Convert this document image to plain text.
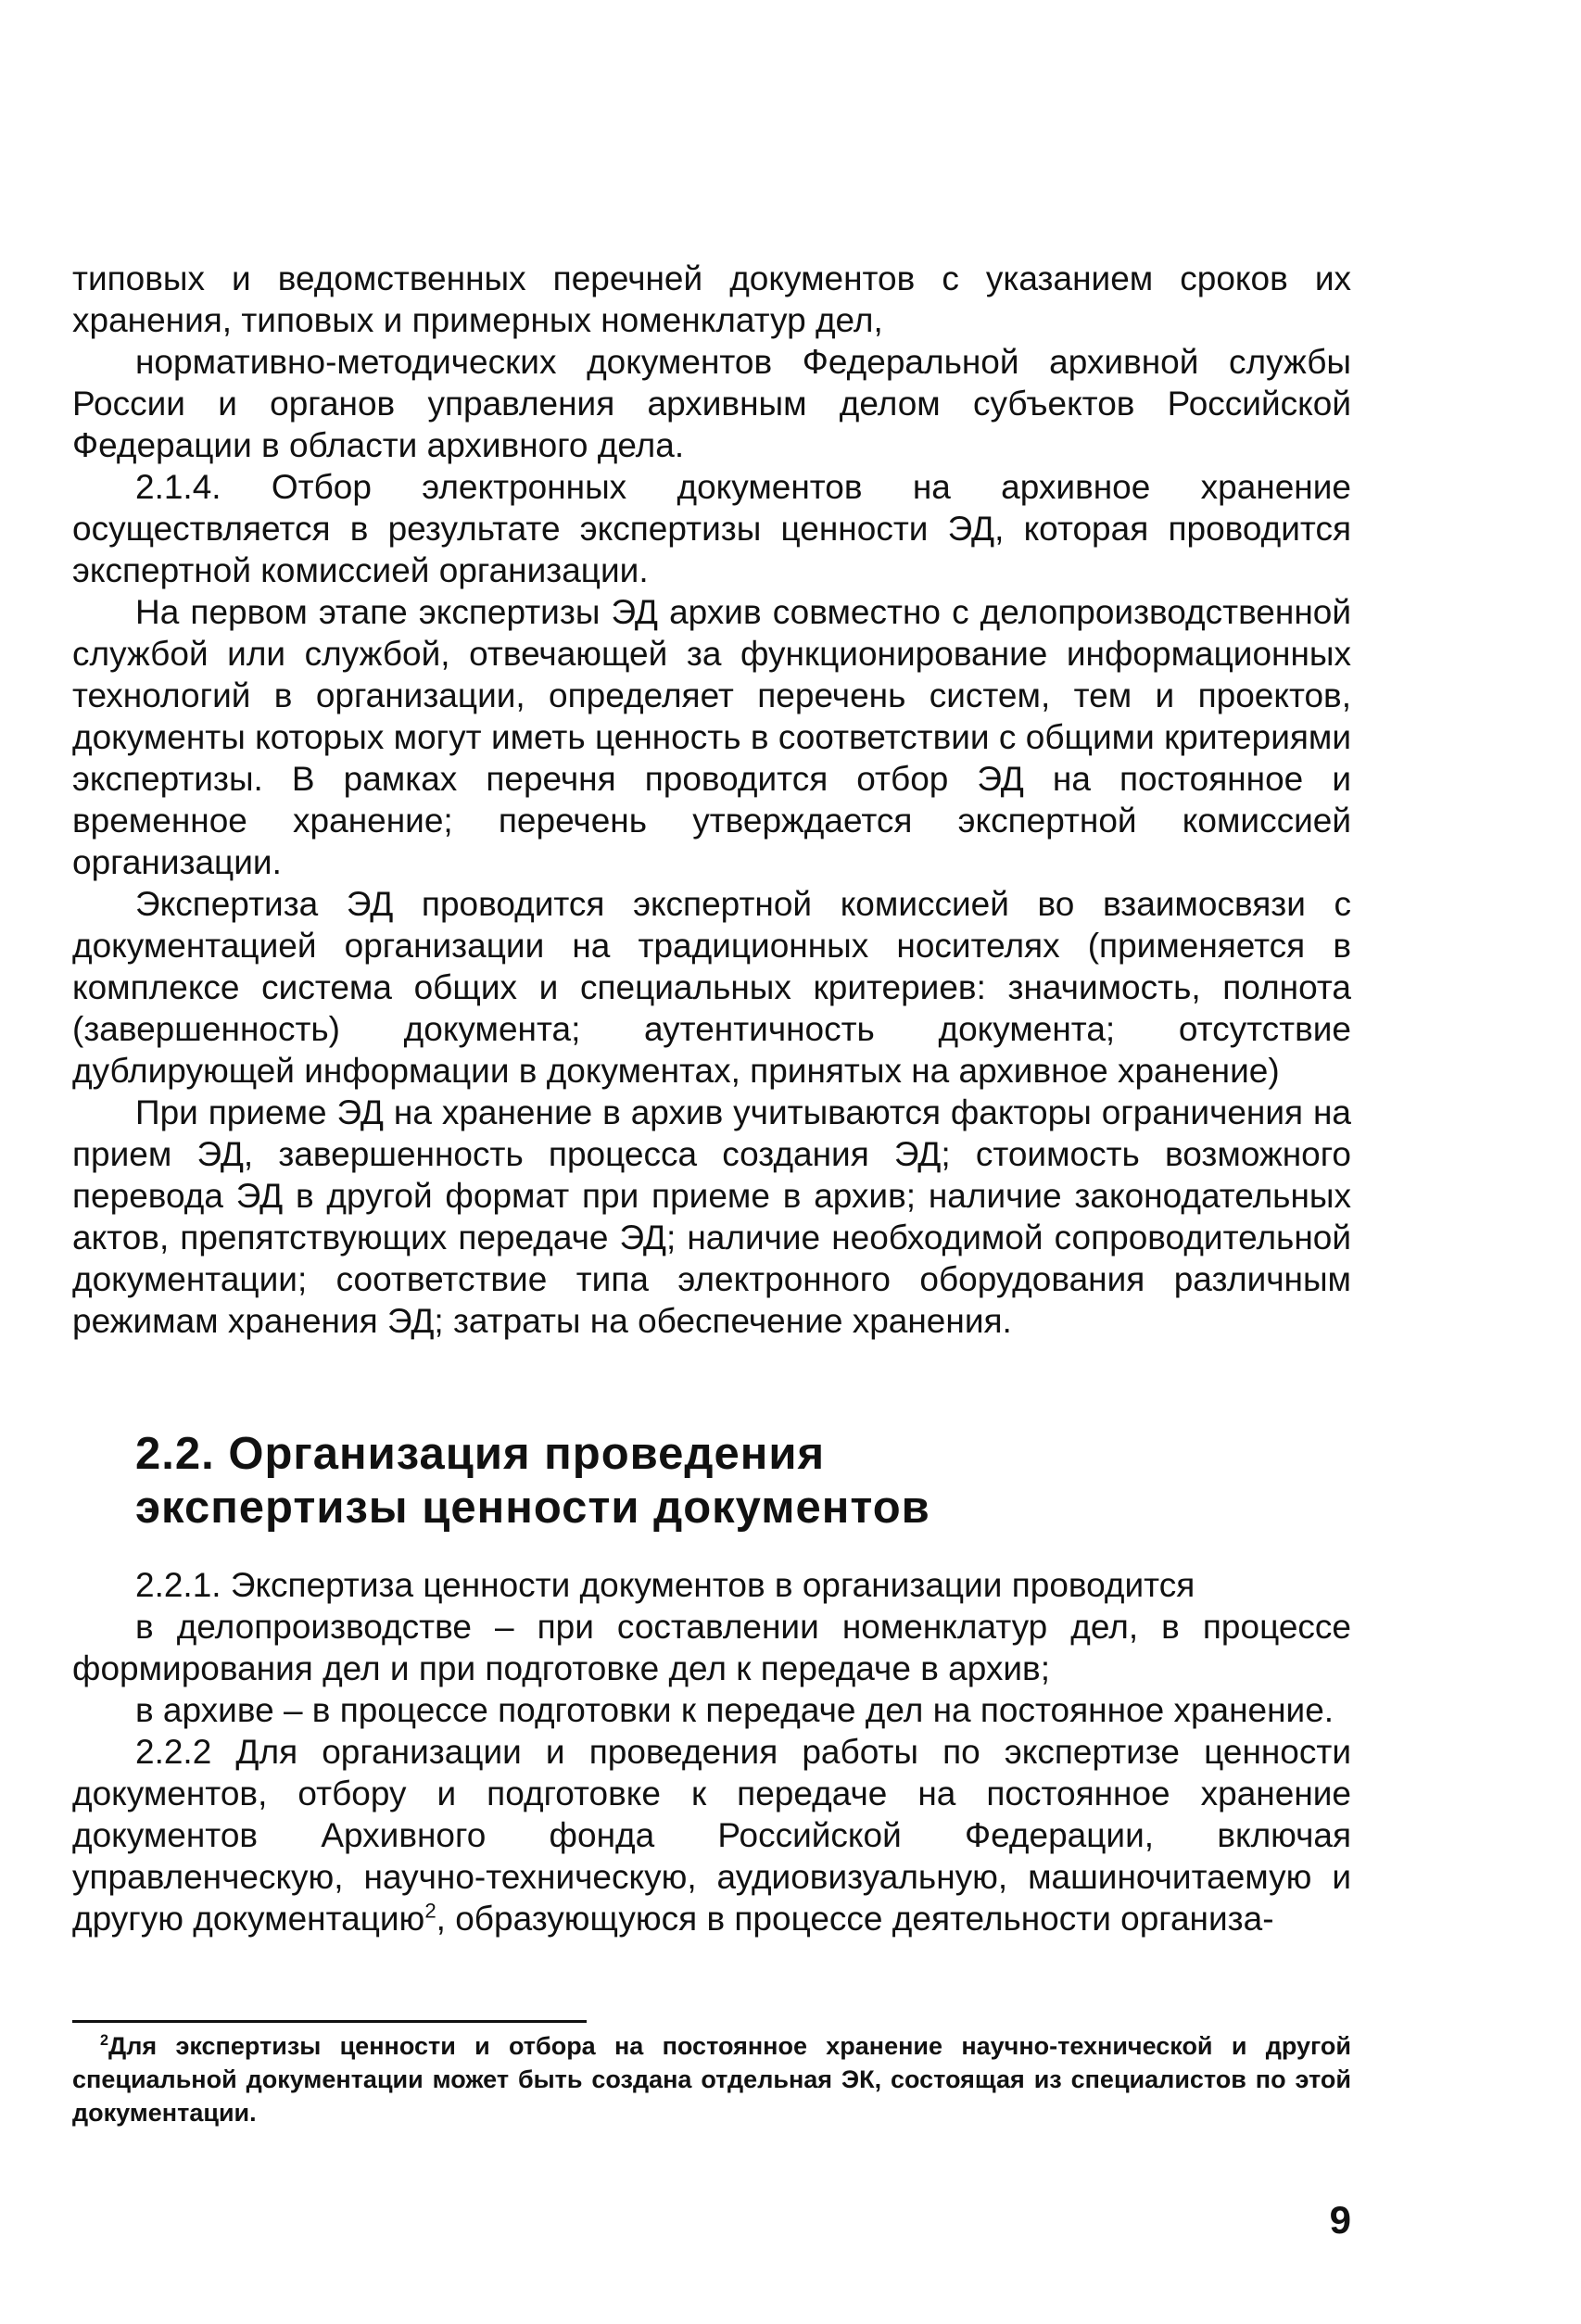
типовых и ведомственных перечней документов с указанием сроков их хранения, типовых и примерных номенклатур дел,

нормативно-методических документов Федеральной архивной службы России и органов управления архивным делом субъектов Российской Федерации в области архивного дела.

2.1.4. Отбор электронных документов на архивное хранение осуществляется в результате экспертизы ценности ЭД, которая проводится экспертной комиссией организации.

На первом этапе экспертизы ЭД архив совместно с делопроизводственной службой или службой, отвечающей за функционирование информационных технологий в организации, определяет перечень систем, тем и проектов, документы которых могут иметь ценность в соответствии с общими критериями экспертизы. В рамках перечня проводится отбор ЭД на постоянное и временное хранение; перечень утверждается экспертной комиссией организации.

Экспертиза ЭД проводится экспертной комиссией во взаимосвязи с документацией организации на традиционных носителях (применяется в комплексе система общих и специальных критериев: значимость, полнота (завершенность) документа; аутентичность документа; отсутствие дублирующей информации в документах, принятых на архивное хранение)

При приеме ЭД на хранение в архив учитываются факторы ограничения на прием ЭД, завершенность процесса создания ЭД; стоимость возможного перевода ЭД в другой формат при приеме в архив; наличие законодательных актов, препятствующих передаче ЭД; наличие необходимой сопроводительной документации; соответствие типа электронного оборудования различным режимам хранения ЭД; затраты на обеспечение хранения.

2.2. Организация проведения
экспертизы ценности документов

2.2.1. Экспертиза ценности документов в организации проводится

в делопроизводстве – при составлении номенклатур дел, в процессе формирования дел и при подготовке дел к передаче в архив;

в архиве – в процессе подготовки к передаче дел на постоянное хранение.

2.2.2 Для организации и проведения работы по экспертизе ценности документов, отбору и подготовке к передаче на постоянное хранение документов Архивного фонда Российской Федерации, включая управленческую, научно-техническую, аудиовизуальную, машиночитаемую и другую документацию$^2$, образующуюся в процессе деятельности организа-

$^2$Для экспертизы ценности и отбора на постоянное хранение научно-технической и другой специальной документации может быть создана отдельная ЭК, состоящая из специалистов по этой документации.

9
